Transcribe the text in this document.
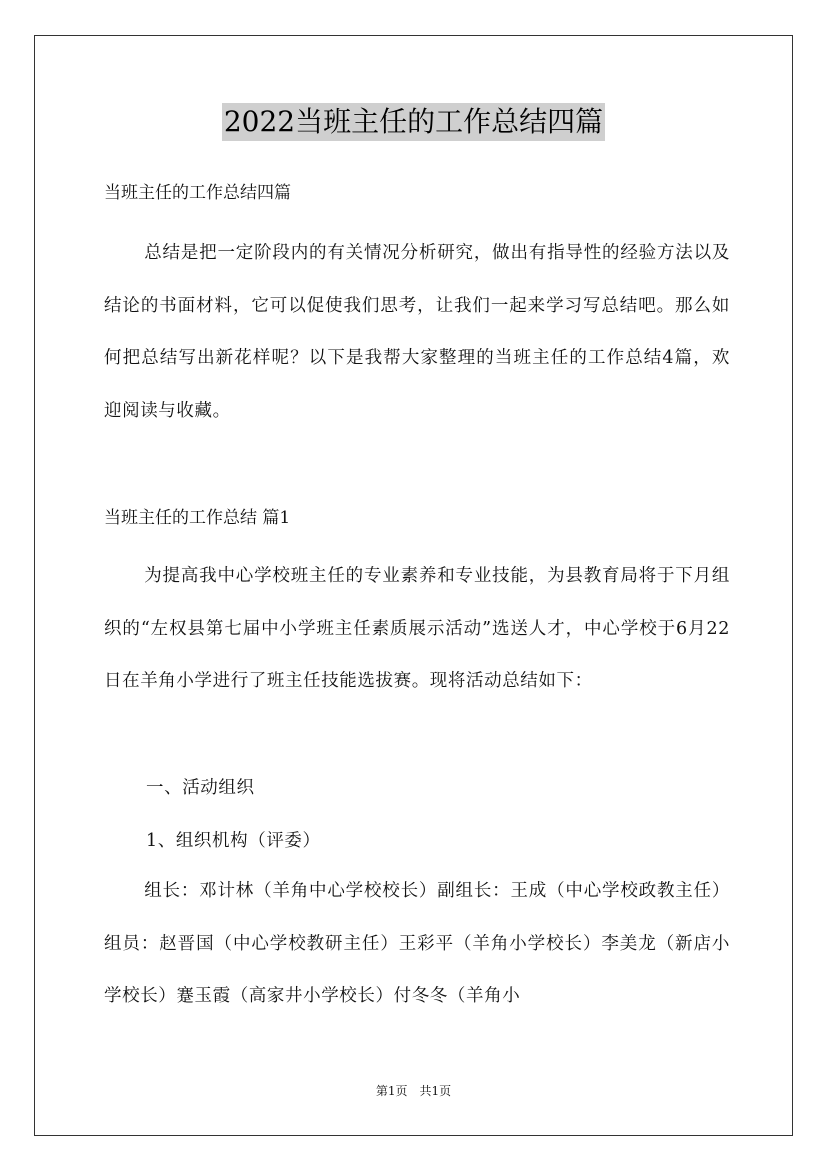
2022当班主任的工作总结四篇
当班主任的工作总结四篇

总结是把一定阶段内的有关情况分析研究，做出有指导性的经验方法以及结论的书面材料，它可以促使我们思考，让我们一起来学习写总结吧。那么如何把总结写出新花样呢？以下是我帮大家整理的当班主任的工作总结4篇，欢迎阅读与收藏。

当班主任的工作总结 篇1

为提高我中心学校班主任的专业素养和专业技能，为县教育局将于下月组织的“左权县第七届中小学班主任素质展示活动”选送人才，中心学校于6月22日在羊角小学进行了班主任技能选拔赛。现将活动总结如下：

一、活动组织

1、组织机构（评委）

组长：邓计林（羊角中心学校校长）副组长：王成（中心学校政教主任）组员：赵晋国（中心学校教研主任）王彩平（羊角小学校长）李美龙（新店小学校长）蹇玉霞（高家井小学校长）付冬冬（羊角小

第1页　共1页
